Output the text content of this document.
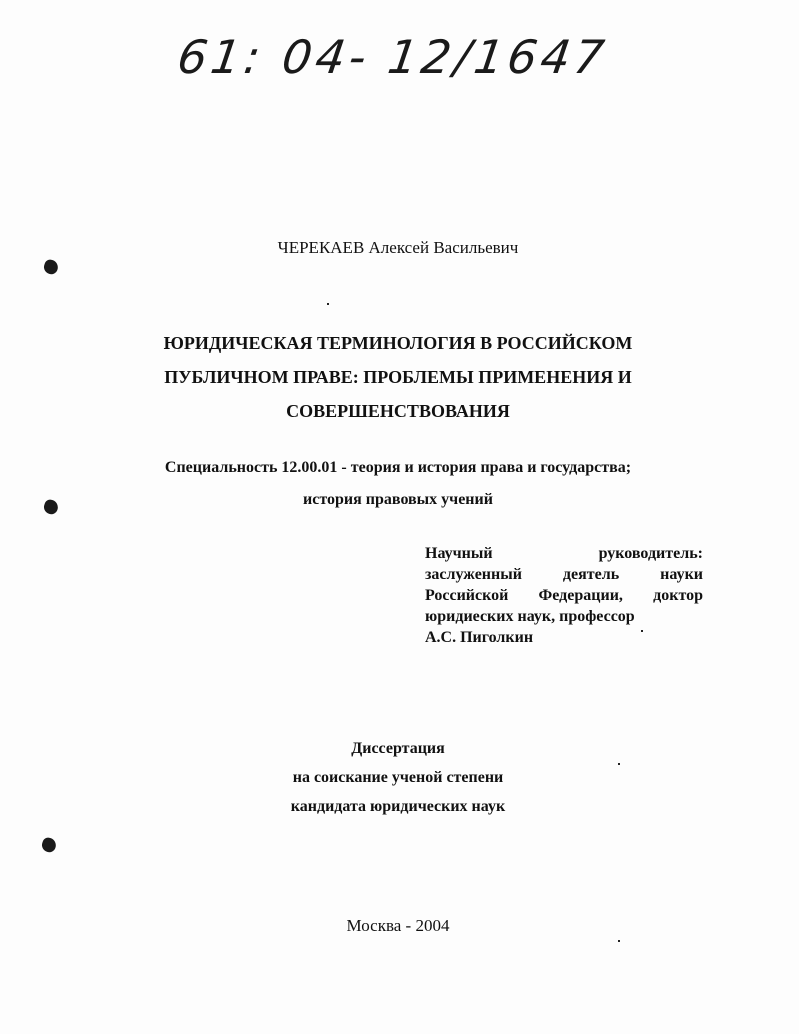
61: 04- 12/1647
ЧЕРЕКАЕВ Алексей Васильевич
ЮРИДИЧЕСКАЯ ТЕРМИНОЛОГИЯ В РОССИЙСКОМ
ПУБЛИЧНОМ ПРАВЕ: ПРОБЛЕМЫ ПРИМЕНЕНИЯ И
СОВЕРШЕНСТВОВАНИЯ
Специальность 12.00.01 - теория и история права и государства;
история правовых учений
Научный руководитель:
заслуженный деятель науки
Российской Федерации, доктор
юридиеских наук, профессор
А.С. Пиголкин
Диссертация
на соискание ученой степени
кандидата юридических наук
Москва - 2004
